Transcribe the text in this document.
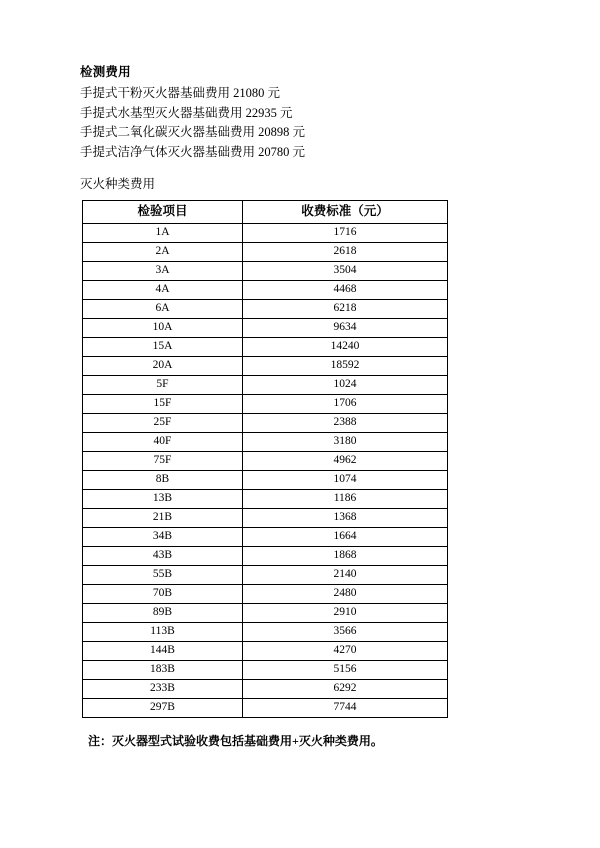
检测费用
手提式干粉灭火器基础费用 21080 元
手提式水基型灭火器基础费用 22935 元
手提式二氧化碳灭火器基础费用 20898 元
手提式洁净气体灭火器基础费用 20780 元
灭火种类费用
检验项目	收费标准（元）
1A	1716
2A	2618
3A	3504
4A	4468
6A	6218
10A	9634
15A	14240
20A	18592
5F	1024
15F	1706
25F	2388
40F	3180
75F	4962
8B	1074
13B	1186
21B	1368
34B	1664
43B	1868
55B	2140
70B	2480
89B	2910
113B	3566
144B	4270
183B	5156
233B	6292
297B	7744
注：灭火器型式试验收费包括基础费用+灭火种类费用。
